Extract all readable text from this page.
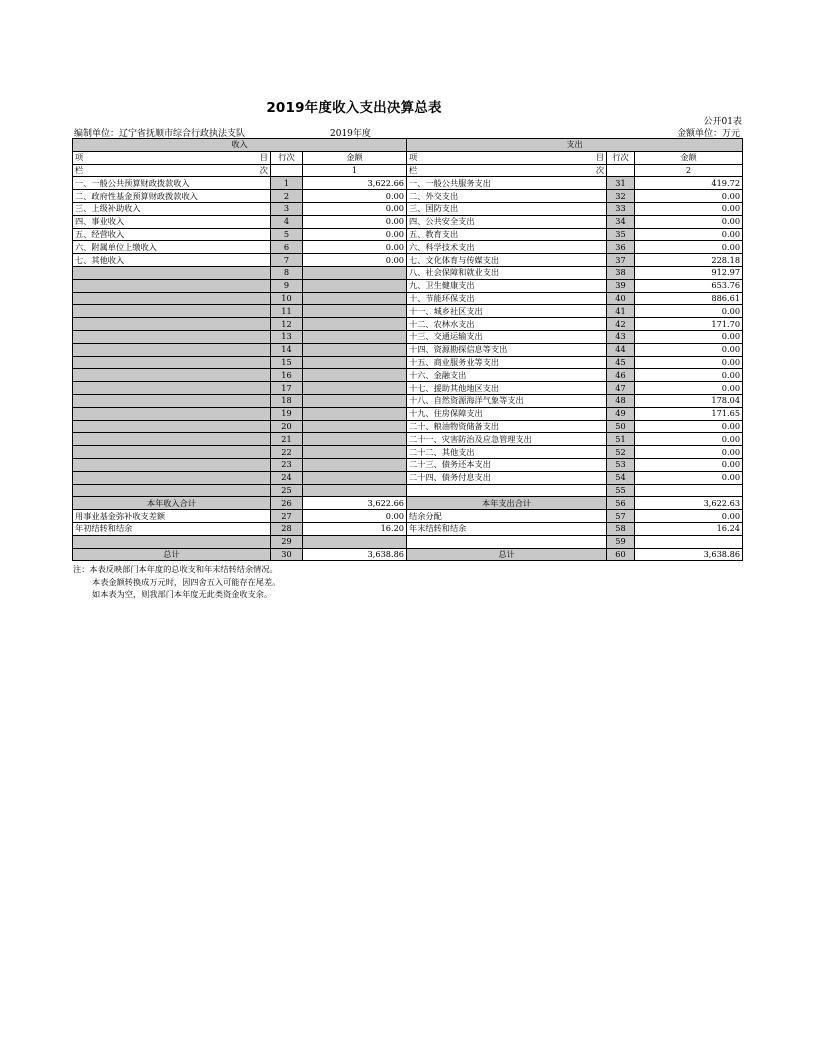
2019年度收入支出决算总表
公开01表
编制单位：辽宁省抚顺市综合行政执法支队	2019年度	金额单位：万元
收入			支出		
项 目	行次	金额	项 目	行次	金额
栏 次		1	栏 次		2
一、一般公共预算财政拨款收入	1	3,622.66	一、一般公共服务支出	31	419.72
二、政府性基金预算财政拨款收入	2	0.00	二、外交支出	32	0.00
三、上级补助收入	3	0.00	三、国防支出	33	0.00
四、事业收入	4	0.00	四、公共安全支出	34	0.00
五、经营收入	5	0.00	五、教育支出	35	0.00
六、附属单位上缴收入	6	0.00	六、科学技术支出	36	0.00
七、其他收入	7	0.00	七、文化体育与传媒支出	37	228.18
	8		八、社会保障和就业支出	38	912.97
	9		九、卫生健康支出	39	653.76
	10		十、节能环保支出	40	886.61
	11		十一、城乡社区支出	41	0.00
	12		十二、农林水支出	42	171.70
	13		十三、交通运输支出	43	0.00
	14		十四、资源勘探信息等支出	44	0.00
	15		十五、商业服务业等支出	45	0.00
	16		十六、金融支出	46	0.00
	17		十七、援助其他地区支出	47	0.00
	18		十八、自然资源海洋气象等支出	48	178.04
	19		十九、住房保障支出	49	171.65
	20		二十、粮油物资储备支出	50	0.00
	21		二十一、灾害防治及应急管理支出	51	0.00
	22		二十二、其他支出	52	0.00
	23		二十三、债务还本支出	53	0.00
	24		二十四、债务付息支出	54	0.00
	25			55	
本年收入合计	26	3,622.66	本年支出合计	56	3,622.63
用事业基金弥补收支差额	27	0.00	结余分配	57	0.00
年初结转和结余	28	16.20	年末结转和结余	58	16.24
	29			59	
总计	30	3,638.86	总计	60	3,638.86
注：本表反映部门本年度的总收支和年末结转结余情况。
本表金额转换成万元时，因四舍五入可能存在尾差。
如本表为空，则我部门本年度无此类资金收支余。
